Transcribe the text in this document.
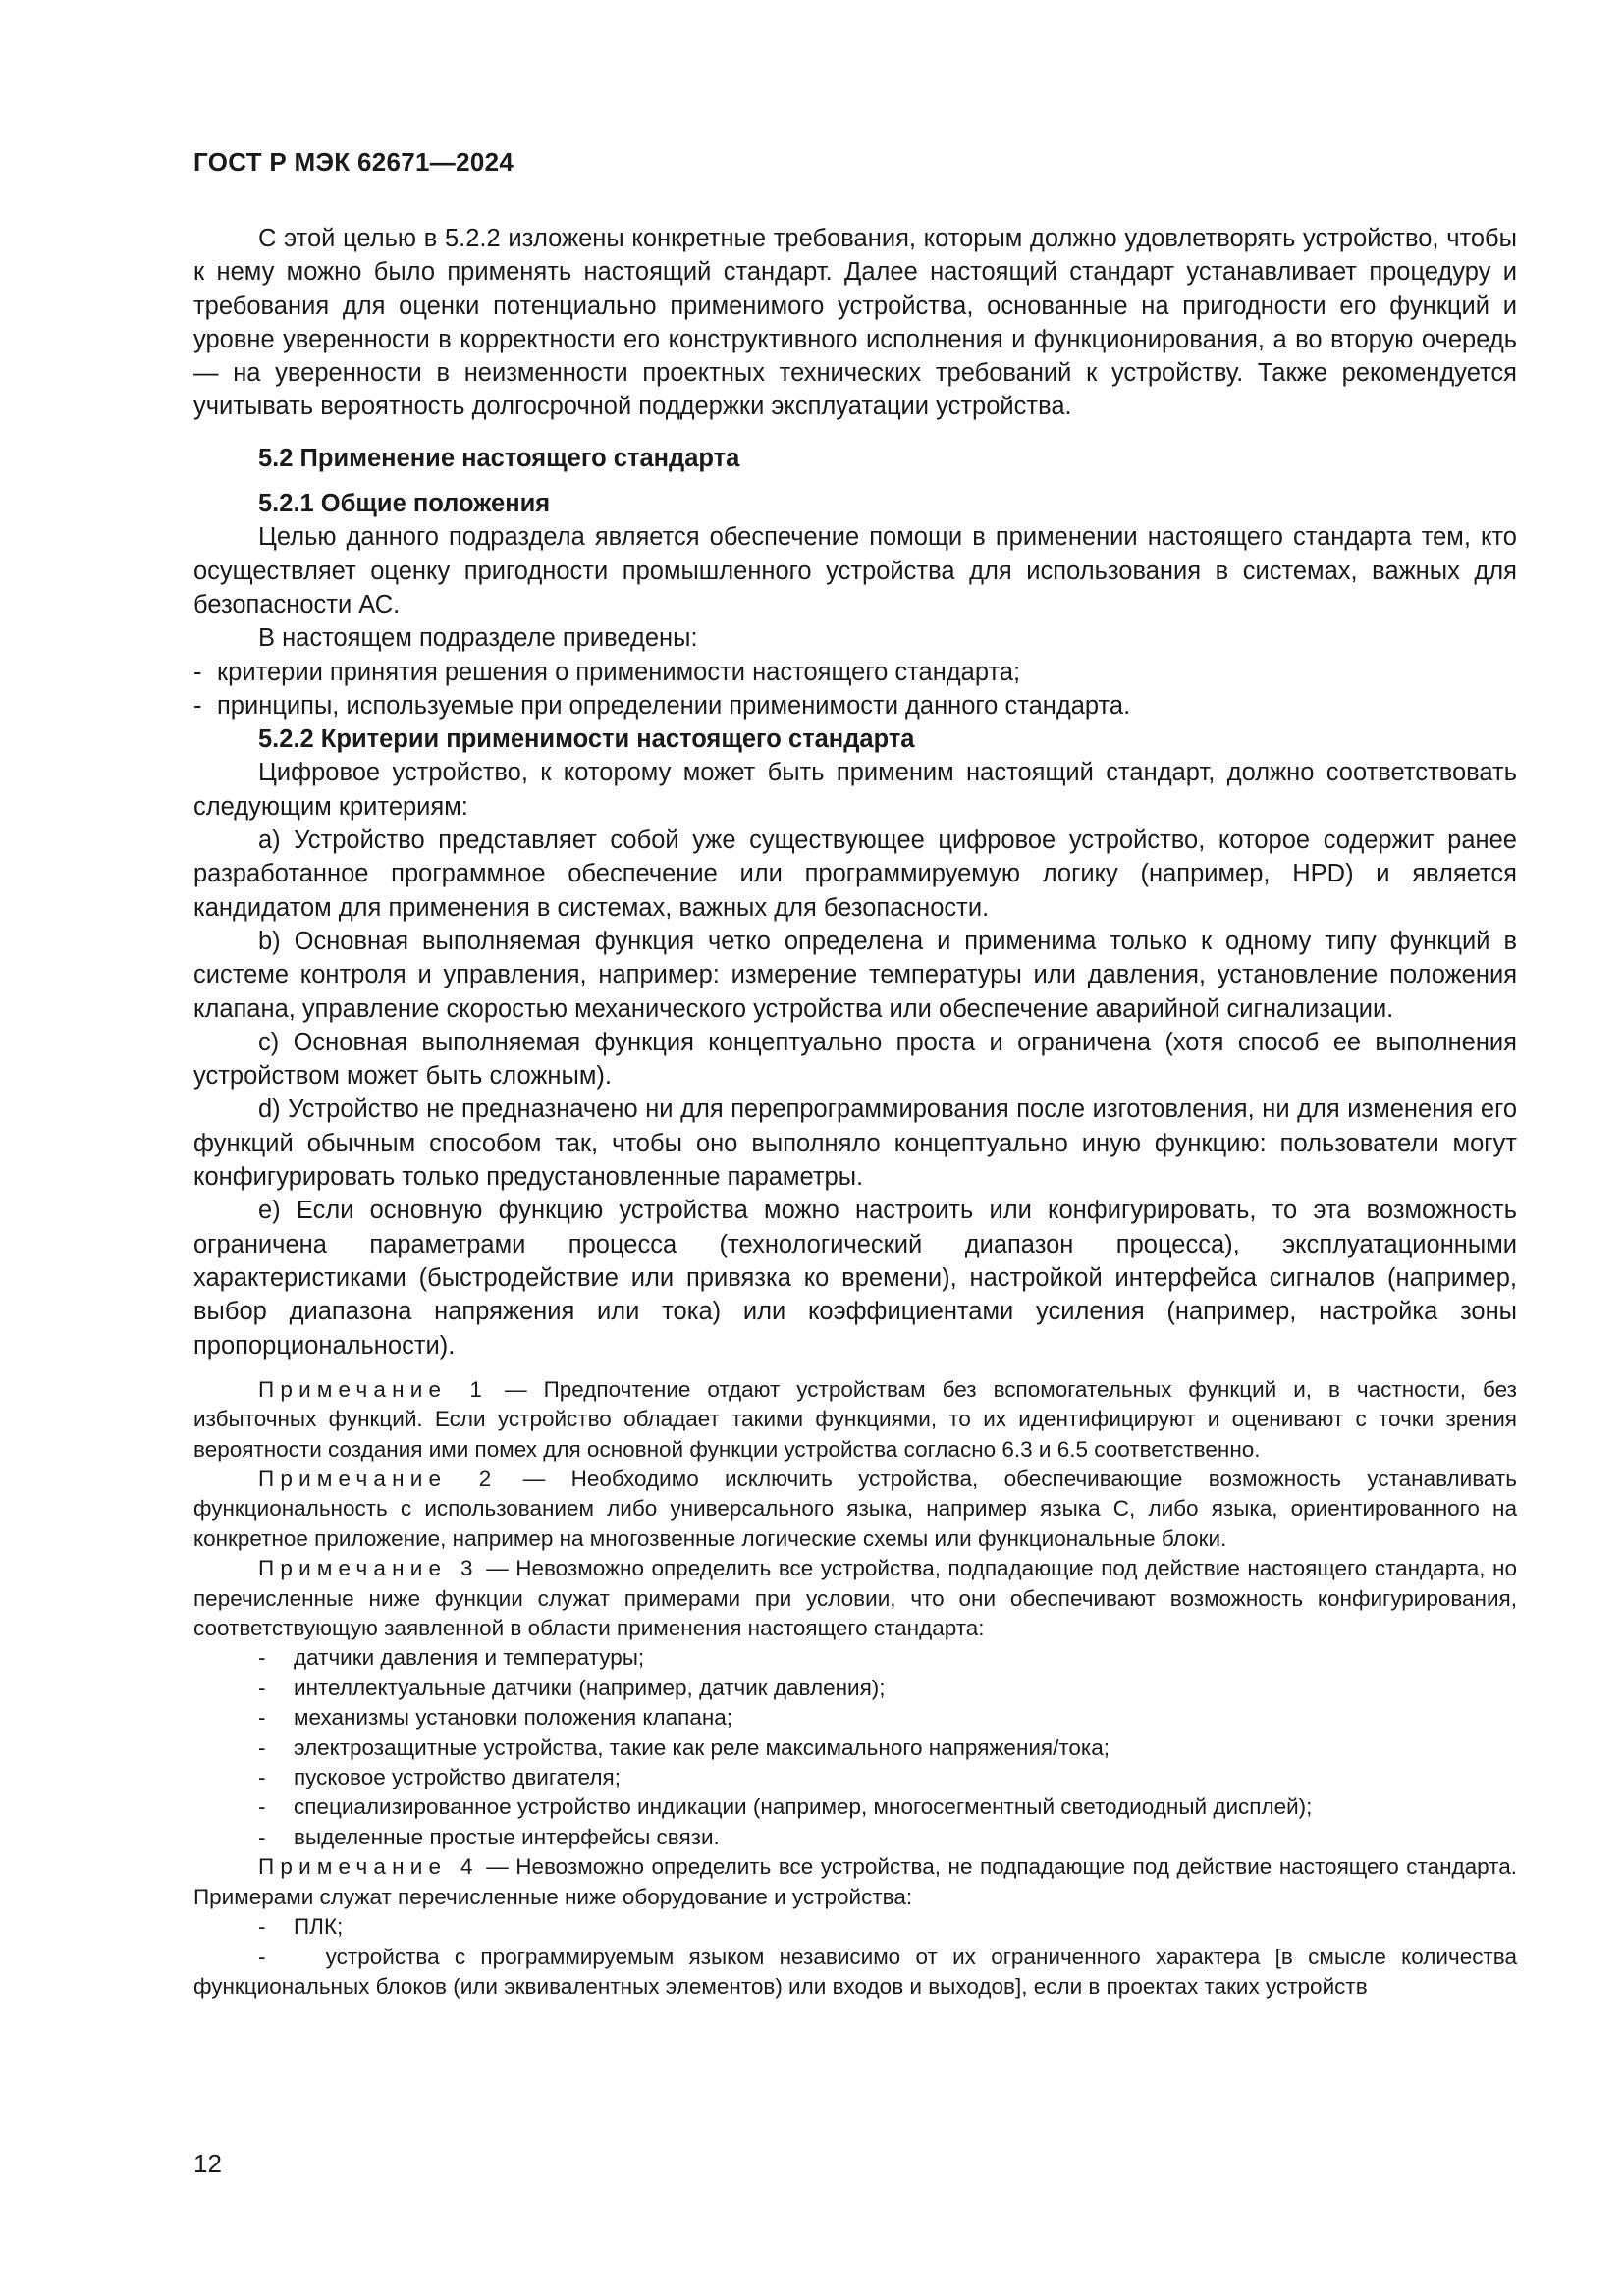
ГОСТ Р МЭК 62671—2024

С этой целью в 5.2.2 изложены конкретные требования, которым должно удовлетворять устройство, чтобы к нему можно было применять настоящий стандарт. Далее настоящий стандарт устанавливает процедуру и требования для оценки потенциально применимого устройства, основанные на пригодности его функций и уровне уверенности в корректности его конструктивного исполнения и функционирования, а во вторую очередь — на уверенности в неизменности проектных технических требований к устройству. Также рекомендуется учитывать вероятность долгосрочной поддержки эксплуатации устройства.

5.2 Применение настоящего стандарта

5.2.1 Общие положения

Целью данного подраздела является обеспечение помощи в применении настоящего стандарта тем, кто осуществляет оценку пригодности промышленного устройства для использования в системах, важных для безопасности АС.

В настоящем подразделе приведены:

- критерии принятия решения о применимости настоящего стандарта;
- принципы, используемые при определении применимости данного стандарта.

5.2.2 Критерии применимости настоящего стандарта

Цифровое устройство, к которому может быть применим настоящий стандарт, должно соответствовать следующим критериям:

a) Устройство представляет собой уже существующее цифровое устройство, которое содержит ранее разработанное программное обеспечение или программируемую логику (например, HPD) и является кандидатом для применения в системах, важных для безопасности.

b) Основная выполняемая функция четко определена и применима только к одному типу функций в системе контроля и управления, например: измерение температуры или давления, установление положения клапана, управление скоростью механического устройства или обеспечение аварийной сигнализации.

c) Основная выполняемая функция концептуально проста и ограничена (хотя способ ее выполнения устройством может быть сложным).

d) Устройство не предназначено ни для перепрограммирования после изготовления, ни для изменения его функций обычным способом так, чтобы оно выполняло концептуально иную функцию: пользователи могут конфигурировать только предустановленные параметры.

e) Если основную функцию устройства можно настроить или конфигурировать, то эта возможность ограничена параметрами процесса (технологический диапазон процесса), эксплуатационными характеристиками (быстродействие или привязка ко времени), настройкой интерфейса сигналов (например, выбор диапазона напряжения или тока) или коэффициентами усиления (например, настройка зоны пропорциональности).

Примечание 1 — Предпочтение отдают устройствам без вспомогательных функций и, в частности, без избыточных функций. Если устройство обладает такими функциями, то их идентифицируют и оценивают с точки зрения вероятности создания ими помех для основной функции устройства согласно 6.3 и 6.5 соответственно.

Примечание 2 — Необходимо исключить устройства, обеспечивающие возможность устанавливать функциональность с использованием либо универсального языка, например языка С, либо языка, ориентированного на конкретное приложение, например на многозвенные логические схемы или функциональные блоки.

Примечание 3 — Невозможно определить все устройства, подпадающие под действие настоящего стандарта, но перечисленные ниже функции служат примерами при условии, что они обеспечивают возможность конфигурирования, соответствующую заявленной в области применения настоящего стандарта:

-	датчики давления и температуры;
-	интеллектуальные датчики (например, датчик давления);
-	механизмы установки положения клапана;
-	электрозащитные устройства, такие как реле максимального напряжения/тока;
-	пусковое устройство двигателя;
-	специализированное устройство индикации (например, многосегментный светодиодный дисплей);
-	выделенные простые интерфейсы связи.

Примечание 4 — Невозможно определить все устройства, не подпадающие под действие настоящего стандарта. Примерами служат перечисленные ниже оборудование и устройства:

-	ПЛК;

-    устройства с программируемым языком независимо от их ограниченного характера [в смысле количества функциональных блоков (или эквивалентных элементов) или входов и выходов], если в проектах таких устройств

12
